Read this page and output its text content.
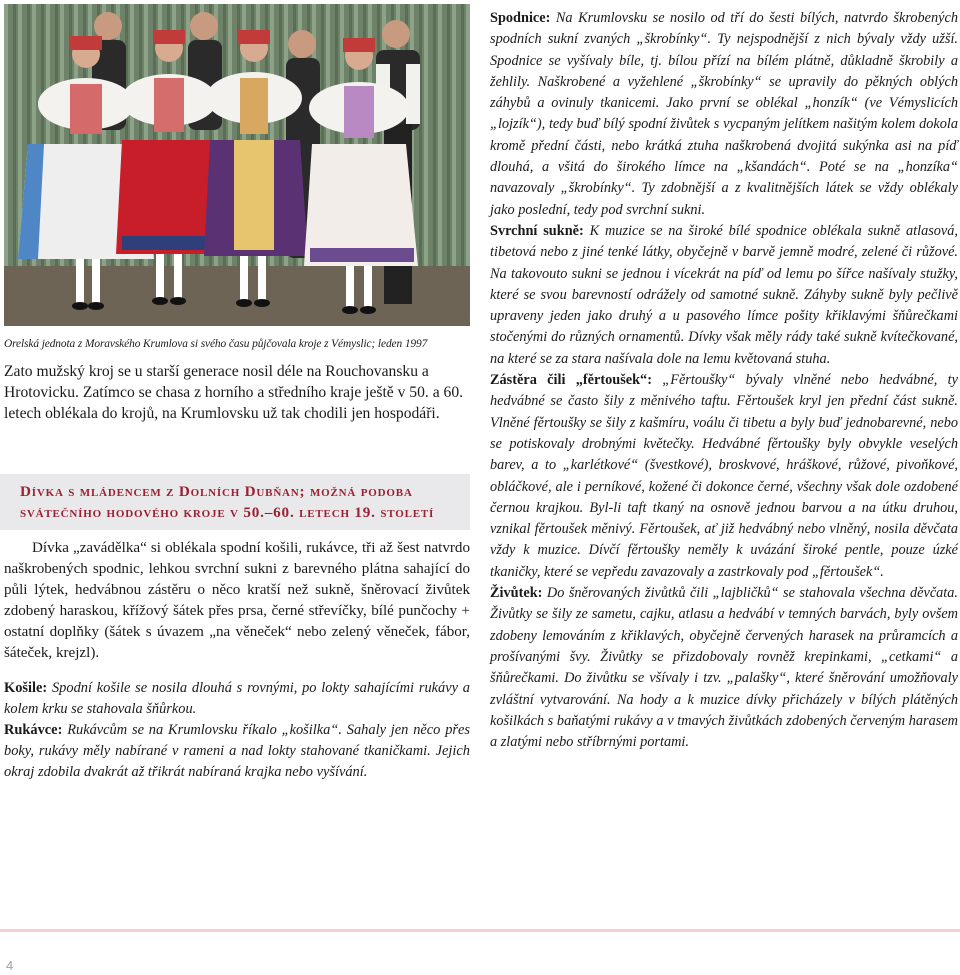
Orelská jednota z Moravského Krumlova si svého času půjčovala kroje z Vémyslic; leden 1997
Zato mužský kroj se u starší generace nosil déle na Rouchovansku a Hrotovicku. Zatímco se chasa z horního a středního kraje ještě v 50. a 60. letech oblékala do krojů, na Krumlovsku už tak chodili jen hospodáři.
Dívka s mládencem z Dolních Dubňan; možná podoba svátečního hodového kroje v 50.–60. letech 19. století
Dívka „zavádělka“ si oblékala spodní košili, rukávce, tři až šest natvrdo naškrobených spodnic, lehkou svrchní sukni z barevného plátna sahající do půli lýtek, hedvábnou zástěru o něco kratší než sukně, šněrovací živůtek zdobený haraskou, křížový šátek přes prsa, černé střevíčky, bílé punčochy + ostatní doplňky (šátek s úvazem „na věneček“ nebo zelený věneček, fábor, šáteček, krejzl).
Košile: Spodní košile se nosila dlouhá s rovnými, po lokty sahajícími rukávy a kolem krku se stahovala šňůrkou.
Rukávce: Rukávcům se na Krumlovsku říkalo „košilka“. Sahaly jen něco přes boky, rukávy měly nabírané v rameni a nad lokty stahované tkaničkami. Jejich okraj zdobila dvakrát až třikrát nabíraná krajka nebo vyšívání.
Spodnice: Na Krumlovsku se nosilo od tří do šesti bílých, natvrdo škrobených spodních sukní zvaných „škrobínky“. Ty nejspodnější z nich bývaly vždy užší. Spodnice se vyšívaly bíle, tj. bílou přízí na bílém plátně, důkladně škrobily a žehlily. Naškrobené a vyžehlené „škrobínky“ se upravily do pěkných oblých záhybů a ovinuly tkanicemi. Jako první se oblékal „honzík“ (ve Vémyslicích „lojzík“), tedy buď bílý spodní živůtek s vycpaným jelítkem našitým kolem dokola kromě přední části, nebo krátká ztuha naškrobená dvojitá sukýnka asi na píď dlouhá, a všitá do širokého límce na „kšandách“. Poté se na „honzíka“ navazovaly „škrobínky“. Ty zdobnější a z kvalitnějších látek se vždy oblékaly jako poslední, tedy pod svrchní sukni.
Svrchní sukně: K muzice se na široké bílé spodnice oblékala sukně atlasová, tibetová nebo z jiné tenké látky, obyčejně v barvě jemně modré, zelené či růžové. Na takovouto sukni se jednou i vícekrát na píď od lemu po šířce našívaly stužky, které se svou barevností odrážely od samotné sukně. Záhyby sukně byly pečlivě upraveny jeden jako druhý a u pasového límce pošity křiklavými šňůrečkami stočenými do různých ornamentů. Dívky však měly rády také sukně kvítečkované, na které se za stara našívala dole na lemu květovaná stuha.
Zástěra čili „fěrtoušek“: „Fěrtoušky“ bývaly vlněné nebo hedvábné, ty hedvábné se často šily z měnivého taftu. Fěrtoušek kryl jen přední část sukně. Vlněné fěrtoušky se šily z kašmíru, voálu či tibetu a byly buď jednobarevné, nebo se potiskovaly drobnými květečky. Hedvábné fěrtoušky byly obvykle veselých barev, a to „karlétkové“ (švestkové), broskvové, hráškové, růžové, pivoňkové, obláčkové, ale i perníkové, kožené či dokonce černé, všechny však dole ozdobené černou krajkou. Byl-li taft tkaný na osnově jednou barvou a na útku druhou, vznikal fěrtoušek měnivý. Fěrtoušek, ať již hedvábný nebo vlněný, nosila děvčata vždy k muzice. Dívčí fěrtoušky neměly k uvázání široké pentle, pouze úzké tkaničky, které se vepředu zavazovaly a zastrkovaly pod „fěrtoušek“.
Živůtek: Do šněrovaných živůtků čili „lajbličků“ se stahovala všechna děvčata. Živůtky se šily ze sametu, cajku, atlasu a hedvábí v temných barvách, byly ovšem zdobeny lemováním z křiklavých, obyčejně červených harasek na průramcích a prošívanými švy. Živůtky se přizdobovaly rovněž krepinkami, „cetkami“ a šňůrečkami. Do živůtku se všívaly i tzv. „palašky“, které šněrování umožňovaly zvláštní vytvarování. Na hody a k muzice dívky přicházely v bílých plátěných košilkách s baňatými rukávy a v tmavých živůtkách zdobených červeným harasem a zlatými nebo stříbrnými portami.
4
